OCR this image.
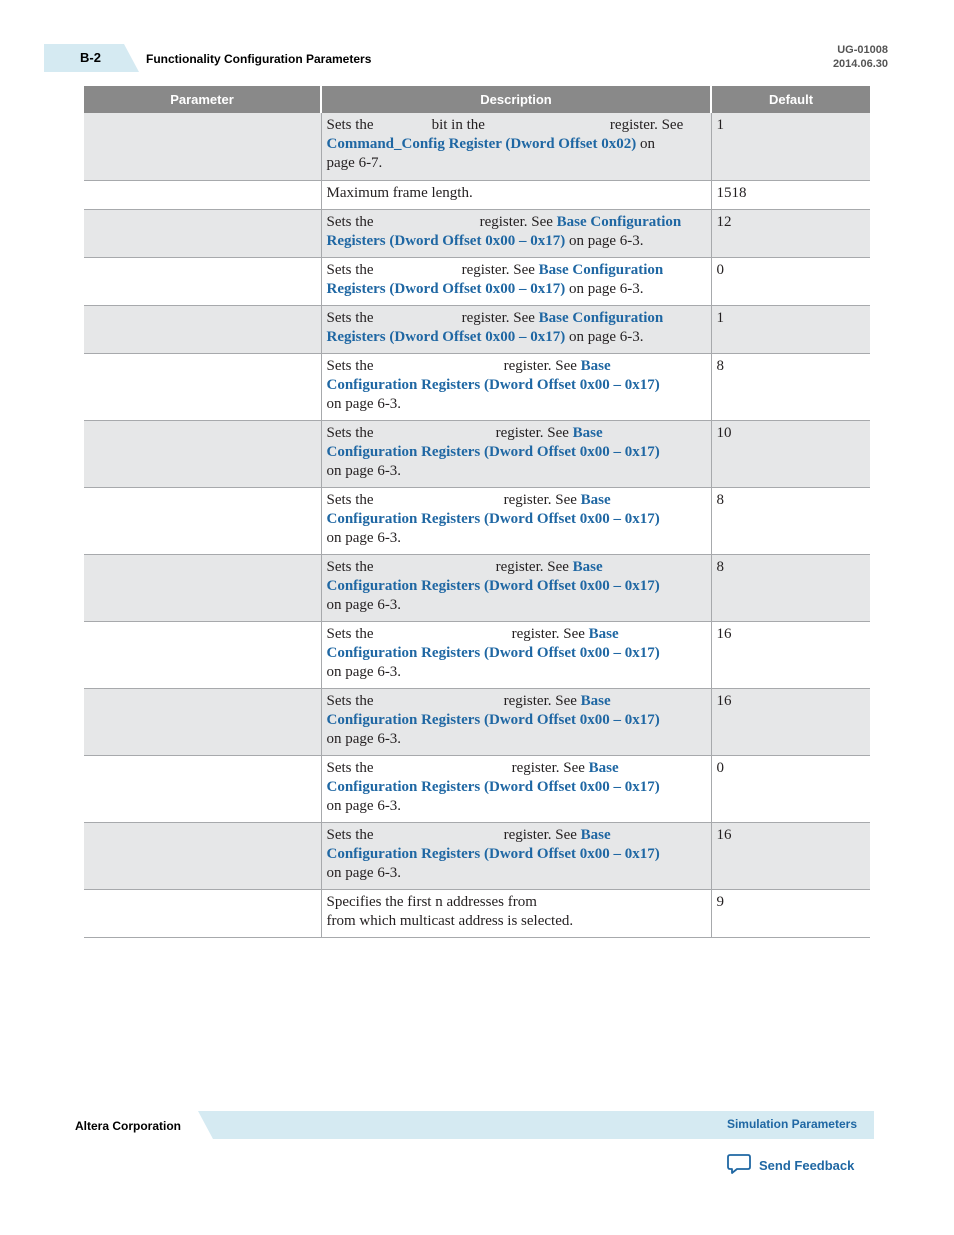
B-2	Functionality Configuration Parameters
UG-01008
2014.06.30
Parameter	Description	Default
	Sets the bit in the register. See
Command_Config Register (Dword Offset 0x02) on
page 6-7.	1
	Maximum frame length.	1518
	Sets the register. See Base Configuration
Registers (Dword Offset 0x00 – 0x17) on page 6-3.	12
	Sets the register. See Base Configuration
Registers (Dword Offset 0x00 – 0x17) on page 6-3.	0
	Sets the register. See Base Configuration
Registers (Dword Offset 0x00 – 0x17) on page 6-3.	1
	Sets the register. See Base
Configuration Registers (Dword Offset 0x00 – 0x17)
on page 6-3.	8
	Sets the register. See Base
Configuration Registers (Dword Offset 0x00 – 0x17)
on page 6-3.	10
	Sets the register. See Base
Configuration Registers (Dword Offset 0x00 – 0x17)
on page 6-3.	8
	Sets the register. See Base
Configuration Registers (Dword Offset 0x00 – 0x17)
on page 6-3.	8
	Sets the register. See Base
Configuration Registers (Dword Offset 0x00 – 0x17)
on page 6-3.	16
	Sets the register. See Base
Configuration Registers (Dword Offset 0x00 – 0x17)
on page 6-3.	16
	Sets the register. See Base
Configuration Registers (Dword Offset 0x00 – 0x17)
on page 6-3.	0
	Sets the register. See Base
Configuration Registers (Dword Offset 0x00 – 0x17)
on page 6-3.	16
	Specifies the first n addresses from
from which multicast address is selected.	9
Altera Corporation	Simulation Parameters
Send Feedback
